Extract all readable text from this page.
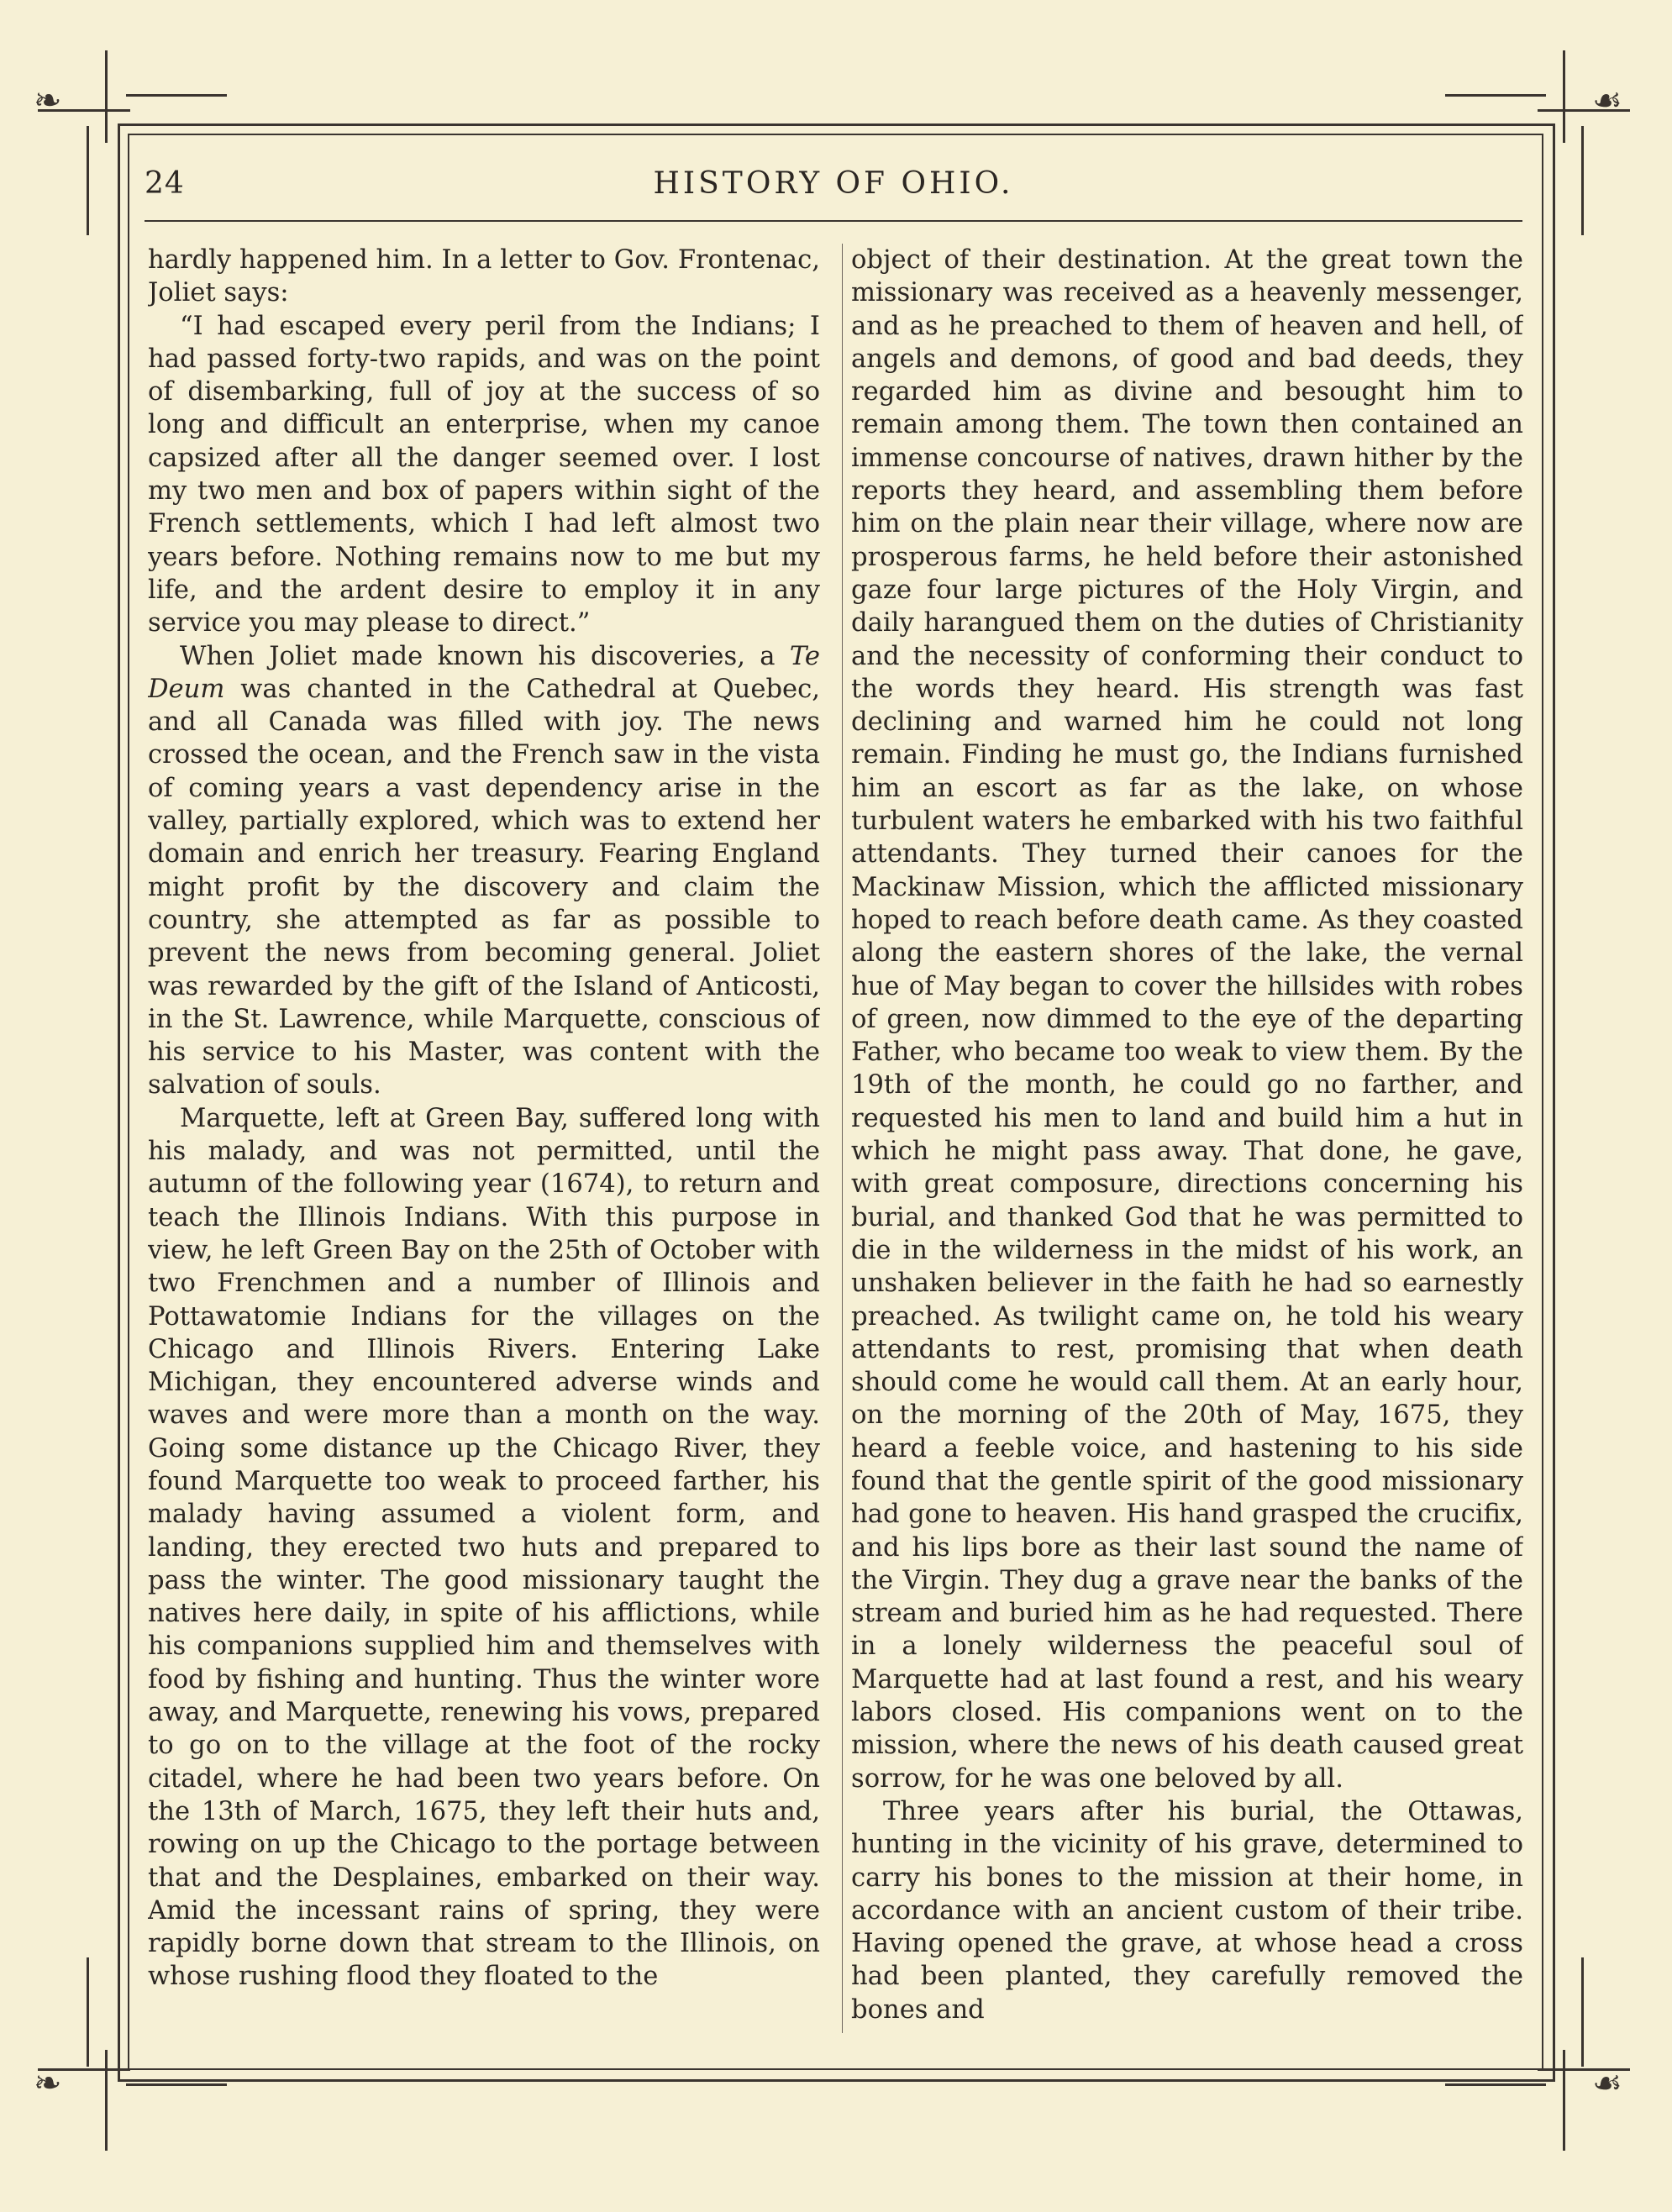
❧	☙
❧	☙
24	HISTORY OF OHIO.

hardly happened him. In a letter to Gov. Frontenac, Joliet says:

“I had escaped every peril from the Indians; I had passed forty-two rapids, and was on the point of disembarking, full of joy at the success of so long and difficult an enterprise, when my canoe capsized after all the danger seemed over. I lost my two men and box of papers within sight of the French settlements, which I had left almost two years before. Nothing remains now to me but my life, and the ardent desire to employ it in any service you may please to direct.”

When Joliet made known his discoveries, a Te Deum was chanted in the Cathedral at Quebec, and all Canada was filled with joy. The news crossed the ocean, and the French saw in the vista of coming years a vast dependency arise in the valley, partially explored, which was to extend her domain and enrich her treasury. Fearing England might profit by the discovery and claim the country, she attempted as far as possible to prevent the news from becoming general. Joliet was rewarded by the gift of the Island of Anticosti, in the St. Lawrence, while Marquette, conscious of his service to his Master, was content with the salvation of souls.

Marquette, left at Green Bay, suffered long with his malady, and was not permitted, until the autumn of the following year (1674), to return and teach the Illinois Indians. With this purpose in view, he left Green Bay on the 25th of October with two Frenchmen and a number of Illinois and Pottawatomie Indians for the villages on the Chicago and Illinois Rivers. Entering Lake Michigan, they encountered adverse winds and waves and were more than a month on the way. Going some distance up the Chicago River, they found Marquette too weak to proceed farther, his malady having assumed a violent form, and landing, they erected two huts and prepared to pass the winter. The good missionary taught the natives here daily, in spite of his afflictions, while his companions supplied him and themselves with food by fishing and hunting. Thus the winter wore away, and Marquette, renewing his vows, prepared to go on to the village at the foot of the rocky citadel, where he had been two years before. On the 13th of March, 1675, they left their huts and, rowing on up the Chicago to the portage between that and the Desplaines, embarked on their way. Amid the incessant rains of spring, they were rapidly borne down that stream to the Illinois, on whose rushing flood they floated to the

object of their destination. At the great town the missionary was received as a heavenly messenger, and as he preached to them of heaven and hell, of angels and demons, of good and bad deeds, they regarded him as divine and besought him to remain among them. The town then contained an immense concourse of natives, drawn hither by the reports they heard, and assembling them before him on the plain near their village, where now are prosperous farms, he held before their astonished gaze four large pictures of the Holy Virgin, and daily harangued them on the duties of Christianity and the necessity of conforming their conduct to the words they heard. His strength was fast declining and warned him he could not long remain. Finding he must go, the Indians furnished him an escort as far as the lake, on whose turbulent waters he embarked with his two faithful attendants. They turned their canoes for the Mackinaw Mission, which the afflicted missionary hoped to reach before death came. As they coasted along the eastern shores of the lake, the vernal hue of May began to cover the hillsides with robes of green, now dimmed to the eye of the departing Father, who became too weak to view them. By the 19th of the month, he could go no farther, and requested his men to land and build him a hut in which he might pass away. That done, he gave, with great composure, directions concerning his burial, and thanked God that he was permitted to die in the wilderness in the midst of his work, an unshaken believer in the faith he had so earnestly preached. As twilight came on, he told his weary attendants to rest, promising that when death should come he would call them. At an early hour, on the morning of the 20th of May, 1675, they heard a feeble voice, and hastening to his side found that the gentle spirit of the good missionary had gone to heaven. His hand grasped the crucifix, and his lips bore as their last sound the name of the Virgin. They dug a grave near the banks of the stream and buried him as he had requested. There in a lonely wilderness the peaceful soul of Marquette had at last found a rest, and his weary labors closed. His companions went on to the mission, where the news of his death caused great sorrow, for he was one beloved by all.

Three years after his burial, the Ottawas, hunting in the vicinity of his grave, determined to carry his bones to the mission at their home, in accordance with an ancient custom of their tribe. Having opened the grave, at whose head a cross had been planted, they carefully removed the bones and
